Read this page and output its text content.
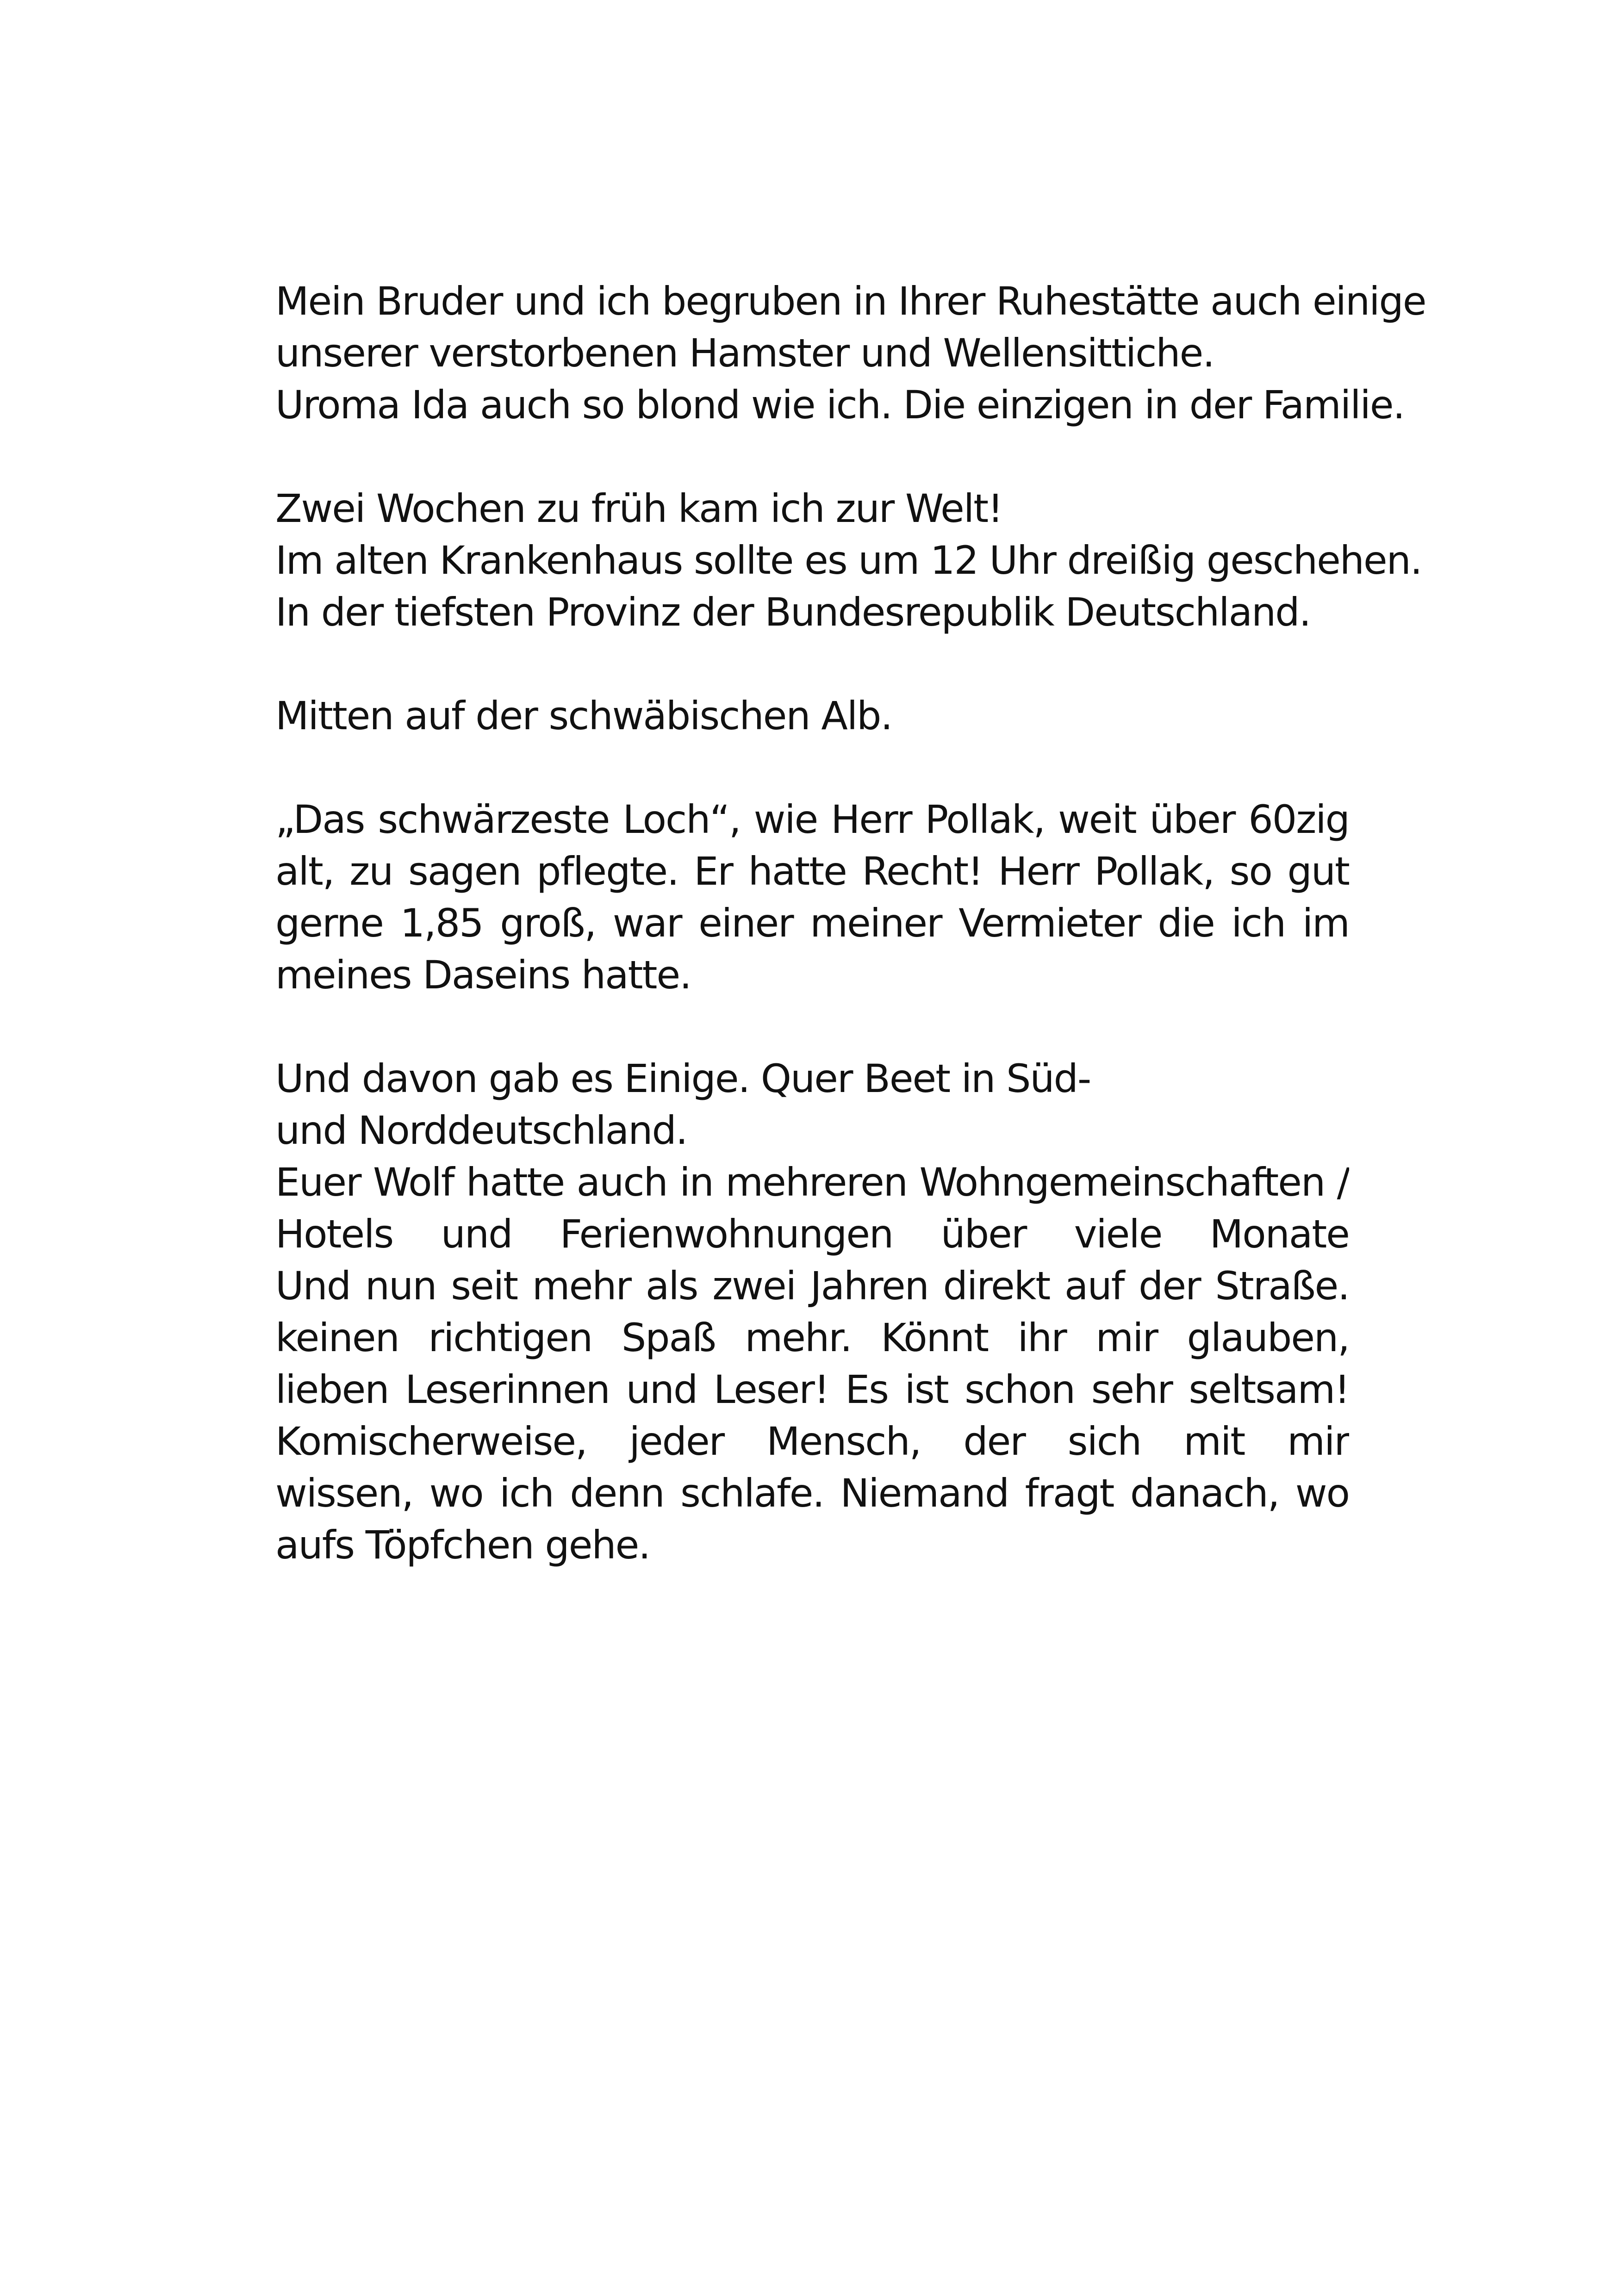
Mein Bruder und ich begruben in Ihrer Ruhestätte auch einige
unserer verstorbenen Hamster und Wellensittiche.
Uroma Ida auch so blond wie ich. Die einzigen in der Familie.
Zwei Wochen zu früh kam ich zur Welt!
Im alten Krankenhaus sollte es um 12 Uhr dreißig geschehen.
In der tiefsten Provinz der Bundesrepublik Deutschland.
Mitten auf der schwäbischen Alb.
„Das schwärzeste Loch“, wie Herr Pollak, weit über 60zig
alt, zu sagen pflegte. Er hatte Recht! Herr Pollak, so gut
gerne 1,85 groß, war einer meiner Vermieter die ich im
meines Daseins hatte.
Und davon gab es Einige. Quer Beet in Süd-
und Norddeutschland.
Euer Wolf hatte auch in mehreren Wohngemeinschaften /
Hotels und Ferienwohnungen über viele Monate
Und nun seit mehr als zwei Jahren direkt auf der Straße.
keinen richtigen Spaß mehr. Könnt ihr mir glauben,
lieben Leserinnen und Leser! Es ist schon sehr seltsam!
Komischerweise, jeder Mensch, der sich mit mir
wissen, wo ich denn schlafe. Niemand fragt danach, wo
aufs Töpfchen gehe.
